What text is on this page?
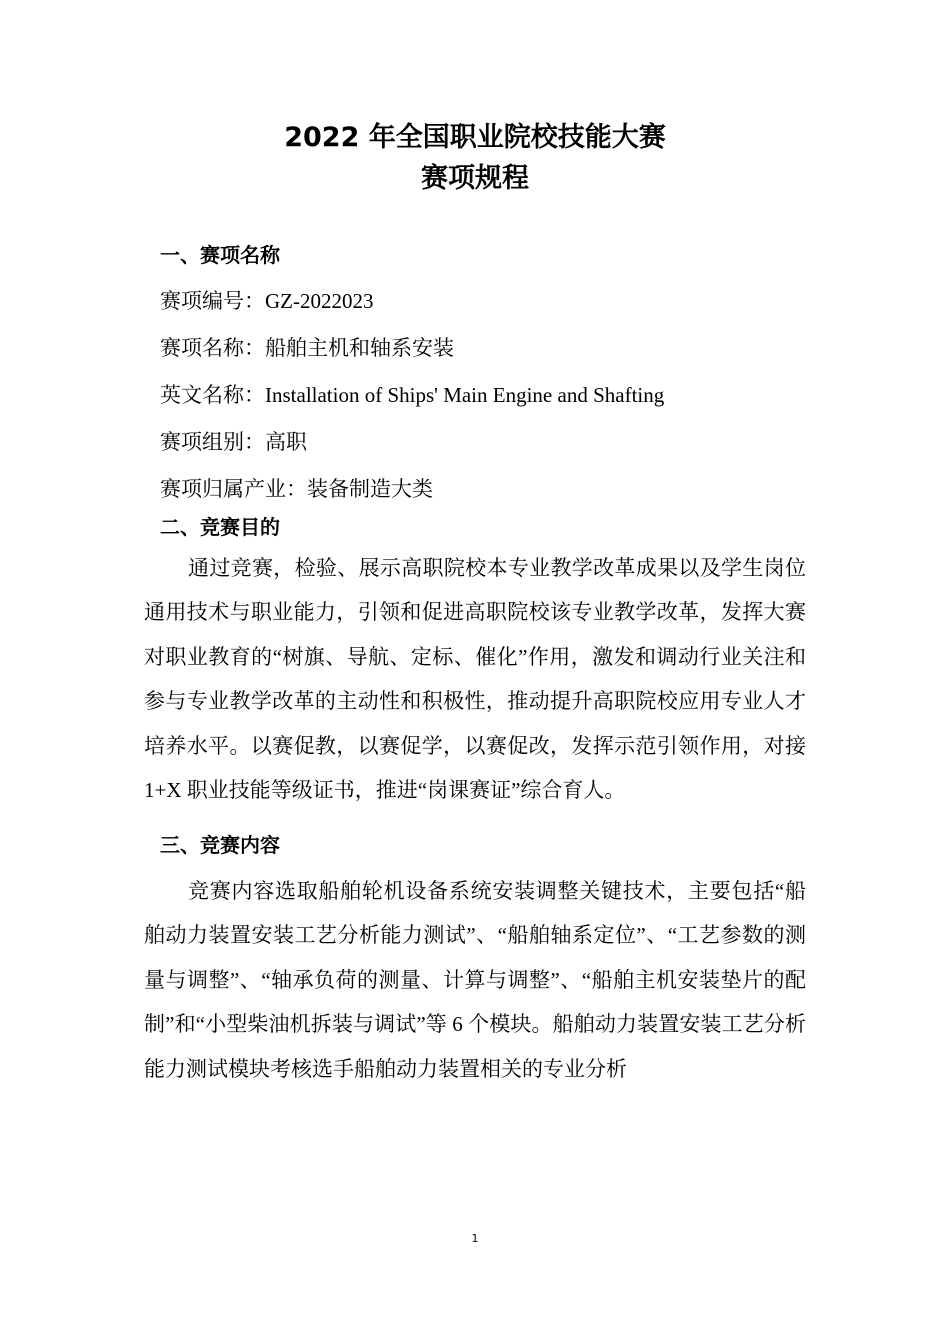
2022 年全国职业院校技能大赛
赛项规程
一、赛项名称
赛项编号：GZ-2022023
赛项名称：船舶主机和轴系安装
英文名称：Installation of Ships' Main Engine and Shafting
赛项组别：高职
赛项归属产业：装备制造大类
二、竞赛目的
通过竞赛，检验、展示高职院校本专业教学改革成果以及学生岗位通用技术与职业能力，引领和促进高职院校该专业教学改革，发挥大赛对职业教育的“树旗、导航、定标、催化”作用，激发和调动行业关注和参与专业教学改革的主动性和积极性，推动提升高职院校应用专业人才培养水平。以赛促教，以赛促学，以赛促改，发挥示范引领作用，对接 1+X 职业技能等级证书，推进“岗课赛证”综合育人。
三、竞赛内容
竞赛内容选取船舶轮机设备系统安装调整关键技术，主要包括“船舶动力装置安装工艺分析能力测试”、“船舶轴系定位”、“工艺参数的测量与调整”、“轴承负荷的测量、计算与调整”、“船舶主机安装垫片的配制”和“小型柴油机拆装与调试”等 6 个模块。船舶动力装置安装工艺分析能力测试模块考核选手船舶动力装置相关的专业分析
1
